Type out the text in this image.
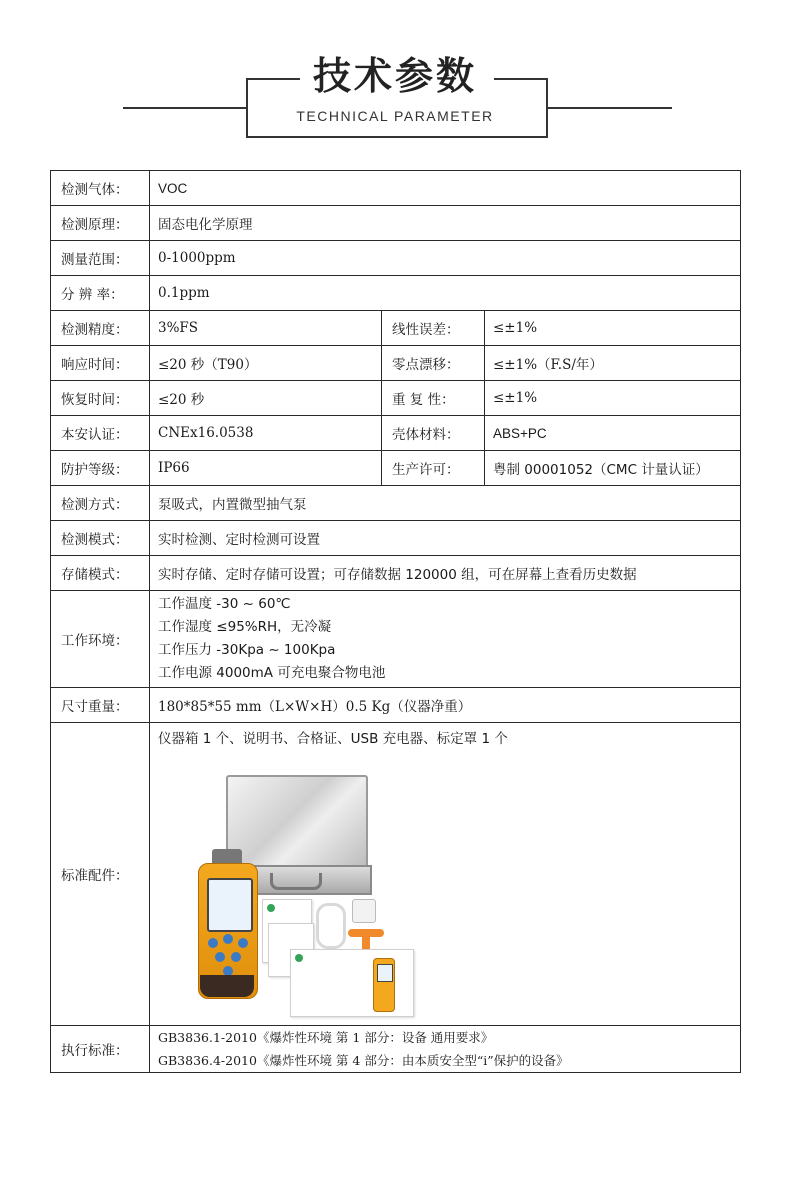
技术参数
TECHNICAL PARAMETER
检测气体：	VOC		
检测原理：	固态电化学原理		
测量范围：	0-1000ppm		
分 辨 率：	0.1ppm		
检测精度：	3%FS	线性误差：	≤±1%
响应时间：	≤20 秒（T90）	零点漂移：	≤±1%（F.S/年）
恢复时间：	≤20 秒	重 复 性：	≤±1%
本安认证：	CNEx16.0538	壳体材料：	ABS+PC
防护等级：	IP66	生产许可：	粤制 00001052（CMC 计量认证）
检测方式：	泵吸式，内置微型抽气泵		
检测模式：	实时检测、定时检测可设置		
存储模式：	实时存储、定时存储可设置；可存储数据 120000 组，可在屏幕上查看历史数据		
工作环境：	工作温度 -30 ~ 60℃
工作湿度 ≤95%RH，无冷凝
工作压力 -30Kpa ~ 100Kpa
工作电源 4000mA 可充电聚合物电池		

尺寸重量：	180*85*55 mm（L×W×H）0.5 Kg（仪器净重）		
标准配件：	仪器箱 1 个、说明书、合格证、USB 充电器、标定罩 1 个		

执行标准：	GB3836.1-2010《爆炸性环境 第 1 部分：设备 通用要求》
GB3836.4-2010《爆炸性环境 第 4 部分：由本质安全型“i”保护的设备》		
